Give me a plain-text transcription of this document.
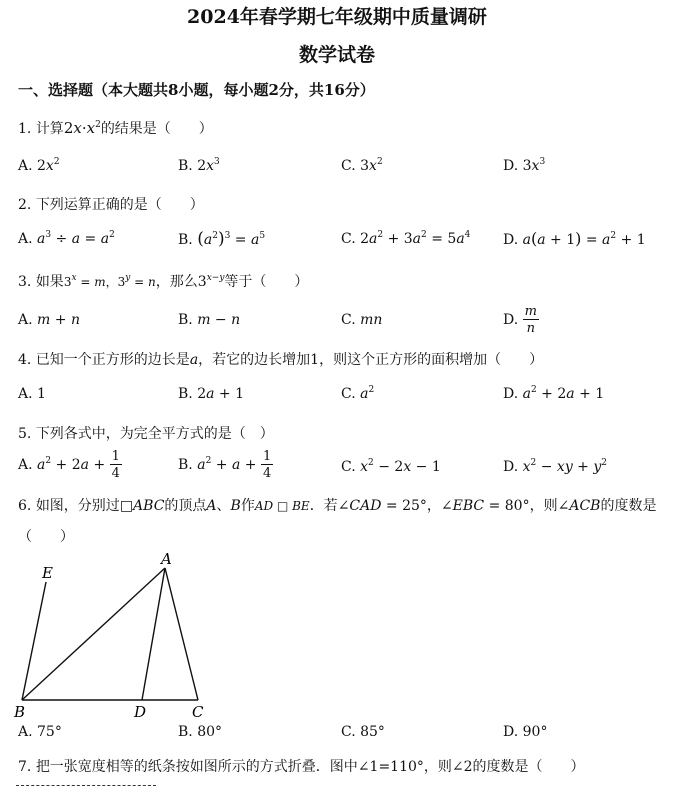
2024年春学期七年级期中质量调研
数学试卷
一、选择题（本大题共8小题，每小题2分，共16分）
1. 计算$2x\cdot x^2$的结果是（　　）
A. $2x^2$	B. $2x^3$	C. $3x^2$	D. $3x^3$
2. 下列运算正确的是（　　）
A. $a^3 \div a = a^2$	B. $(a^2)^3 = a^5$	C. $2a^2 + 3a^2 = 5a^4$ D. $a(a + 1) = a^2 + 1$
3. 如果$3^x = m$，$3^y = n$，那么$3^{x-y}$等于（　　）
A. m + n	B. m − n	C. mn	D. $\frac{m}{n}$
4. 已知一个正方形的边长是a，若它的边长增加1，则这个正方形的面积增加（　　）
A. 1	B. 2a + 1	C. $a^2$	D. $a^2 + 2a + 1$
5. 下列各式中，为完全平方式的是（　）
A. $a^2 + 2a + \frac{1}{4}$	B. $a^2 + a + \frac{1}{4}$	C. $x^2 - 2x - 1$	D. $x^2$ − xy + $y^2$
6. 如图，分别过□ABC的顶点A、B作AD □ BE．若∠CAD = 25°，∠EBC = 80°，则∠ACB的度数是
（　　）
E
A
B	D	C
A. 75°	B. 80°	C. 85°	D. 90°
7. 把一张宽度相等的纸条按如图所示的方式折叠．图中∠1=110°，则∠2的度数是（　　）
